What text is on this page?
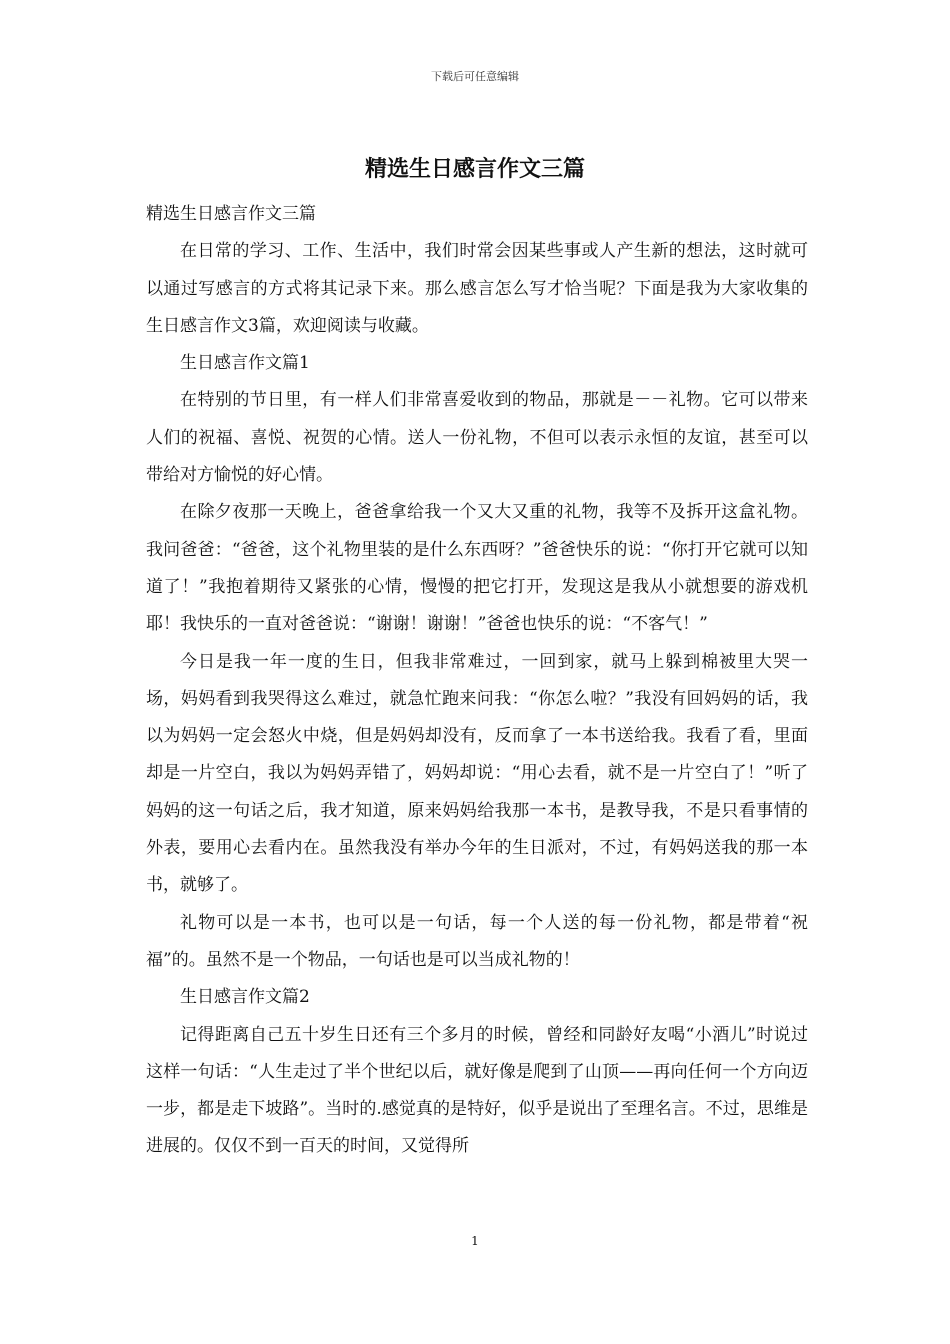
下载后可任意编辑
精选生日感言作文三篇

精选生日感言作文三篇

在日常的学习、工作、生活中，我们时常会因某些事或人产生新的想法，这时就可以通过写感言的方式将其记录下来。那么感言怎么写才恰当呢？下面是我为大家收集的生日感言作文3篇，欢迎阅读与收藏。

生日感言作文篇1

在特别的节日里，有一样人们非常喜爱收到的物品，那就是－－礼物。它可以带来人们的祝福、喜悦、祝贺的心情。送人一份礼物，不但可以表示永恒的友谊，甚至可以带给对方愉悦的好心情。

在除夕夜那一天晚上，爸爸拿给我一个又大又重的礼物，我等不及拆开这盒礼物。我问爸爸：“爸爸，这个礼物里装的是什么东西呀？”爸爸快乐的说：“你打开它就可以知道了！”我抱着期待又紧张的心情，慢慢的把它打开，发现这是我从小就想要的游戏机耶！我快乐的一直对爸爸说：“谢谢！谢谢！”爸爸也快乐的说：“不客气！”

今日是我一年一度的生日，但我非常难过，一回到家，就马上躲到棉被里大哭一场，妈妈看到我哭得这么难过，就急忙跑来问我：“你怎么啦？”我没有回妈妈的话，我以为妈妈一定会怒火中烧，但是妈妈却没有，反而拿了一本书送给我。我看了看，里面却是一片空白，我以为妈妈弄错了，妈妈却说：“用心去看，就不是一片空白了！”听了妈妈的这一句话之后，我才知道，原来妈妈给我那一本书，是教导我，不是只看事情的外表，要用心去看内在。虽然我没有举办今年的生日派对，不过，有妈妈送我的那一本书，就够了。

礼物可以是一本书，也可以是一句话，每一个人送的每一份礼物，都是带着“祝福”的。虽然不是一个物品，一句话也是可以当成礼物的！

生日感言作文篇2

记得距离自己五十岁生日还有三个多月的时候，曾经和同龄好友喝“小酒儿”时说过这样一句话：“人生走过了半个世纪以后，就好像是爬到了山顶——再向任何一个方向迈一步，都是走下坡路”。当时的.感觉真的是特好，似乎是说出了至理名言。不过，思维是进展的。仅仅不到一百天的时间，又觉得所

1
